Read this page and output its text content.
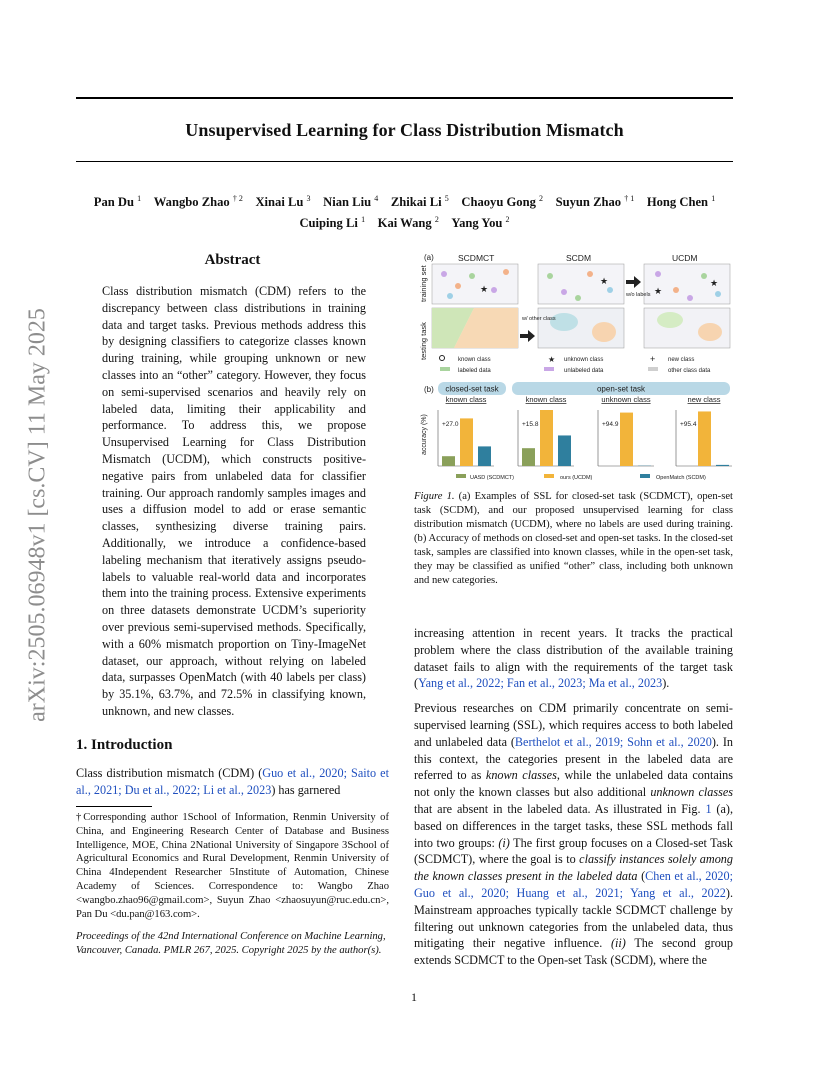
Unsupervised Learning for Class Distribution Mismatch
Pan Du $^1$  Wangbo Zhao $^{\dagger 2}$  Xinai Lu $^3$  Nian Liu $^4$  Zhikai Li $^5$  Chaoyu Gong $^2$  Suyun Zhao $^{\dagger 1}$  Hong Chen $^1$
Cuiping Li $^1$  Kai Wang $^2$  Yang You $^2$
arXiv:2505.06948v1 [cs.CV] 11 May 2025
Abstract
Class distribution mismatch (CDM) refers to the discrepancy between class distributions in training data and target tasks. Previous methods address this by designing classifiers to categorize classes known during training, while grouping unknown or new classes into an “other” category. However, they focus on semi-supervised scenarios and heavily rely on labeled data, limiting their applicability and performance. To address this, we propose Unsupervised Learning for Class Distribution Mismatch (UCDM), which constructs positive-negative pairs from unlabeled data for classifier training. Our approach randomly samples images and uses a diffusion model to add or erase semantic classes, synthesizing diverse training pairs. Additionally, we introduce a confidence-based labeling mechanism that iteratively assigns pseudo-labels to valuable real-world data and incorporates them into the training process. Extensive experiments on three datasets demonstrate UCDM’s superiority over previous semi-supervised methods. Specifically, with a 60% mismatch proportion on Tiny-ImageNet dataset, our approach, without relying on labeled data, surpasses OpenMatch (with 40 labels per class) by 35.1%, 63.7%, and 72.5% in classifying known, unknown, and new classes.
1. Introduction
Class distribution mismatch (CDM) (Guo et al., 2020; Saito et al., 2021; Du et al., 2022; Li et al., 2023) has garnered
†Corresponding author 1School of Information, Renmin University of China, and Engineering Research Center of Database and Business Intelligence, MOE, China 2National University of Singapore 3School of Agricultural Economics and Rural Development, Renmin University of China 4Independent Researcher 5Institute of Automation, Chinese Academy of Sciences. Correspondence to: Wangbo Zhao <wangbo.zhao96@gmail.com>, Suyun Zhao <zhaosuyun@ruc.edu.cn>, Pan Du <du.pan@163.com>.
Proceedings of the 42nd International Conference on Machine Learning, Vancouver, Canada. PMLR 267, 2025. Copyright 2025 by the author(s).
(a)	SCDMCT	SCDM	UCDM
training set
testing task
★
★
★
★
w/ other class
w/o labels
known class	★ unknown class	+ new class
labeled data	unlabeled data	other class data
(b) closed-set task	open-set task
accuracy (%)
known class
+27.0
known class
+15.8
unknown class
+94.9
new class
+95.4
UASD (SCDMCT)	ours (UCDM)	OpenMatch (SCDM)
Figure 1. (a) Examples of SSL for closed-set task (SCDMCT), open-set task (SCDM), and our proposed unsupervised learning for class distribution mismatch (UCDM), where no labels are used during training. (b) Accuracy of methods on closed-set and open-set tasks. In the closed-set task, samples are classified into known classes, while in the open-set task, they may be classified as unified “other” class, including both unknown and new categories.

increasing attention in recent years. It tracks the practical problem where the class distribution of the available training dataset fails to align with the requirements of the target task (Yang et al., 2022; Fan et al., 2023; Ma et al., 2023).

Previous researches on CDM primarily concentrate on semi-supervised learning (SSL), which requires access to both labeled and unlabeled data (Berthelot et al., 2019; Sohn et al., 2020). In this context, the categories present in the labeled data are referred to as known classes, while the unlabeled data contains not only the known classes but also additional unknown classes that are absent in the labeled data. As illustrated in Fig. 1 (a), based on differences in the target tasks, these SSL methods fall into two groups: (i) The first group focuses on a Closed-set Task (SCDMCT), where the goal is to classify instances solely among the known classes present in the labeled data (Chen et al., 2020; Guo et al., 2020; Huang et al., 2021; Yang et al., 2022). Mainstream approaches typically tackle SCDMCT challenge by filtering out unknown categories from the unlabeled data, thus mitigating their negative influence. (ii) The second group extends SCDMCT to the Open-set Task (SCDM), where the

1
